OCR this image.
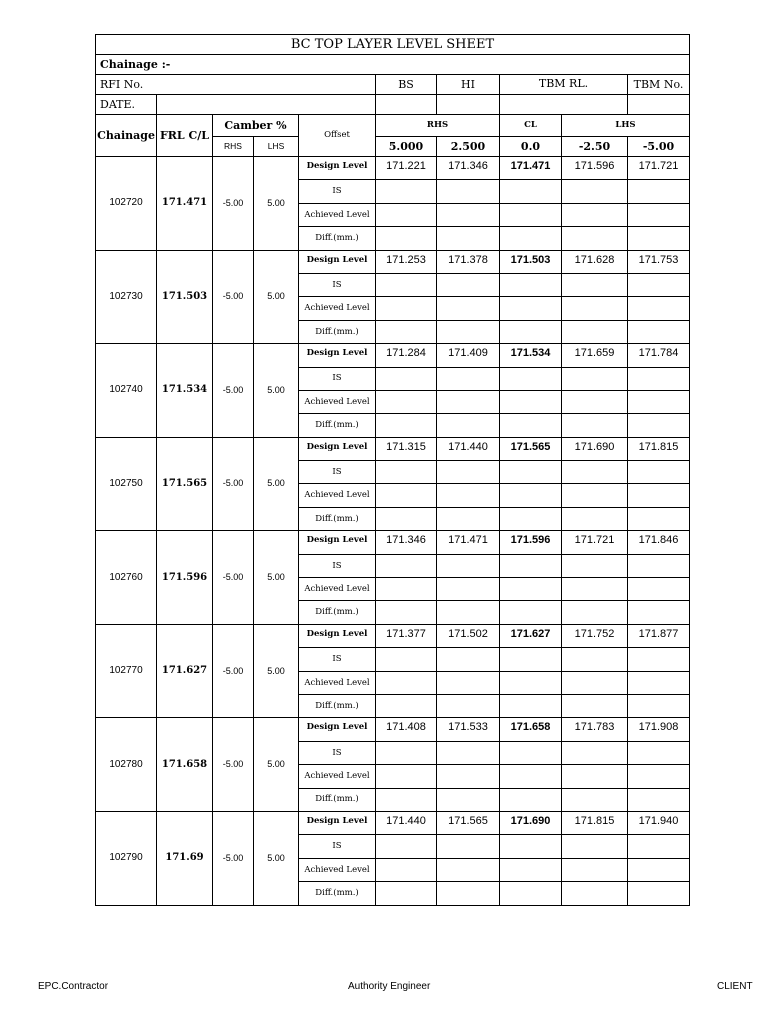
BC TOP LAYER LEVEL SHEET									
Chainage :-									
RFI No.					BS	HI	TBM RL.		TBM No.
DATE.									
Chainage	FRL C/L	Camber %		Offset	RHS		CL	LHS	
		RHS	LHS		5.000	2.500	0.0	-2.50	-5.00
102720	171.471	-5.00	5.00	Design Level	171.221	171.346	171.471	171.596	171.721
				IS					
				Achieved Level					
				Diff.(mm.)					
102730	171.503	-5.00	5.00	Design Level	171.253	171.378	171.503	171.628	171.753
				IS					
				Achieved Level					
				Diff.(mm.)					
102740	171.534	-5.00	5.00	Design Level	171.284	171.409	171.534	171.659	171.784
				IS					
				Achieved Level					
				Diff.(mm.)					
102750	171.565	-5.00	5.00	Design Level	171.315	171.440	171.565	171.690	171.815
				IS					
				Achieved Level					
				Diff.(mm.)					
102760	171.596	-5.00	5.00	Design Level	171.346	171.471	171.596	171.721	171.846
				IS					
				Achieved Level					
				Diff.(mm.)					
102770	171.627	-5.00	5.00	Design Level	171.377	171.502	171.627	171.752	171.877
				IS					
				Achieved Level					
				Diff.(mm.)					
102780	171.658	-5.00	5.00	Design Level	171.408	171.533	171.658	171.783	171.908
				IS					
				Achieved Level					
				Diff.(mm.)					
102790	171.69	-5.00	5.00	Design Level	171.440	171.565	171.690	171.815	171.940
				IS					
				Achieved Level					
				Diff.(mm.)					
EPC.Contractor	Authority Engineer	CLIENT
